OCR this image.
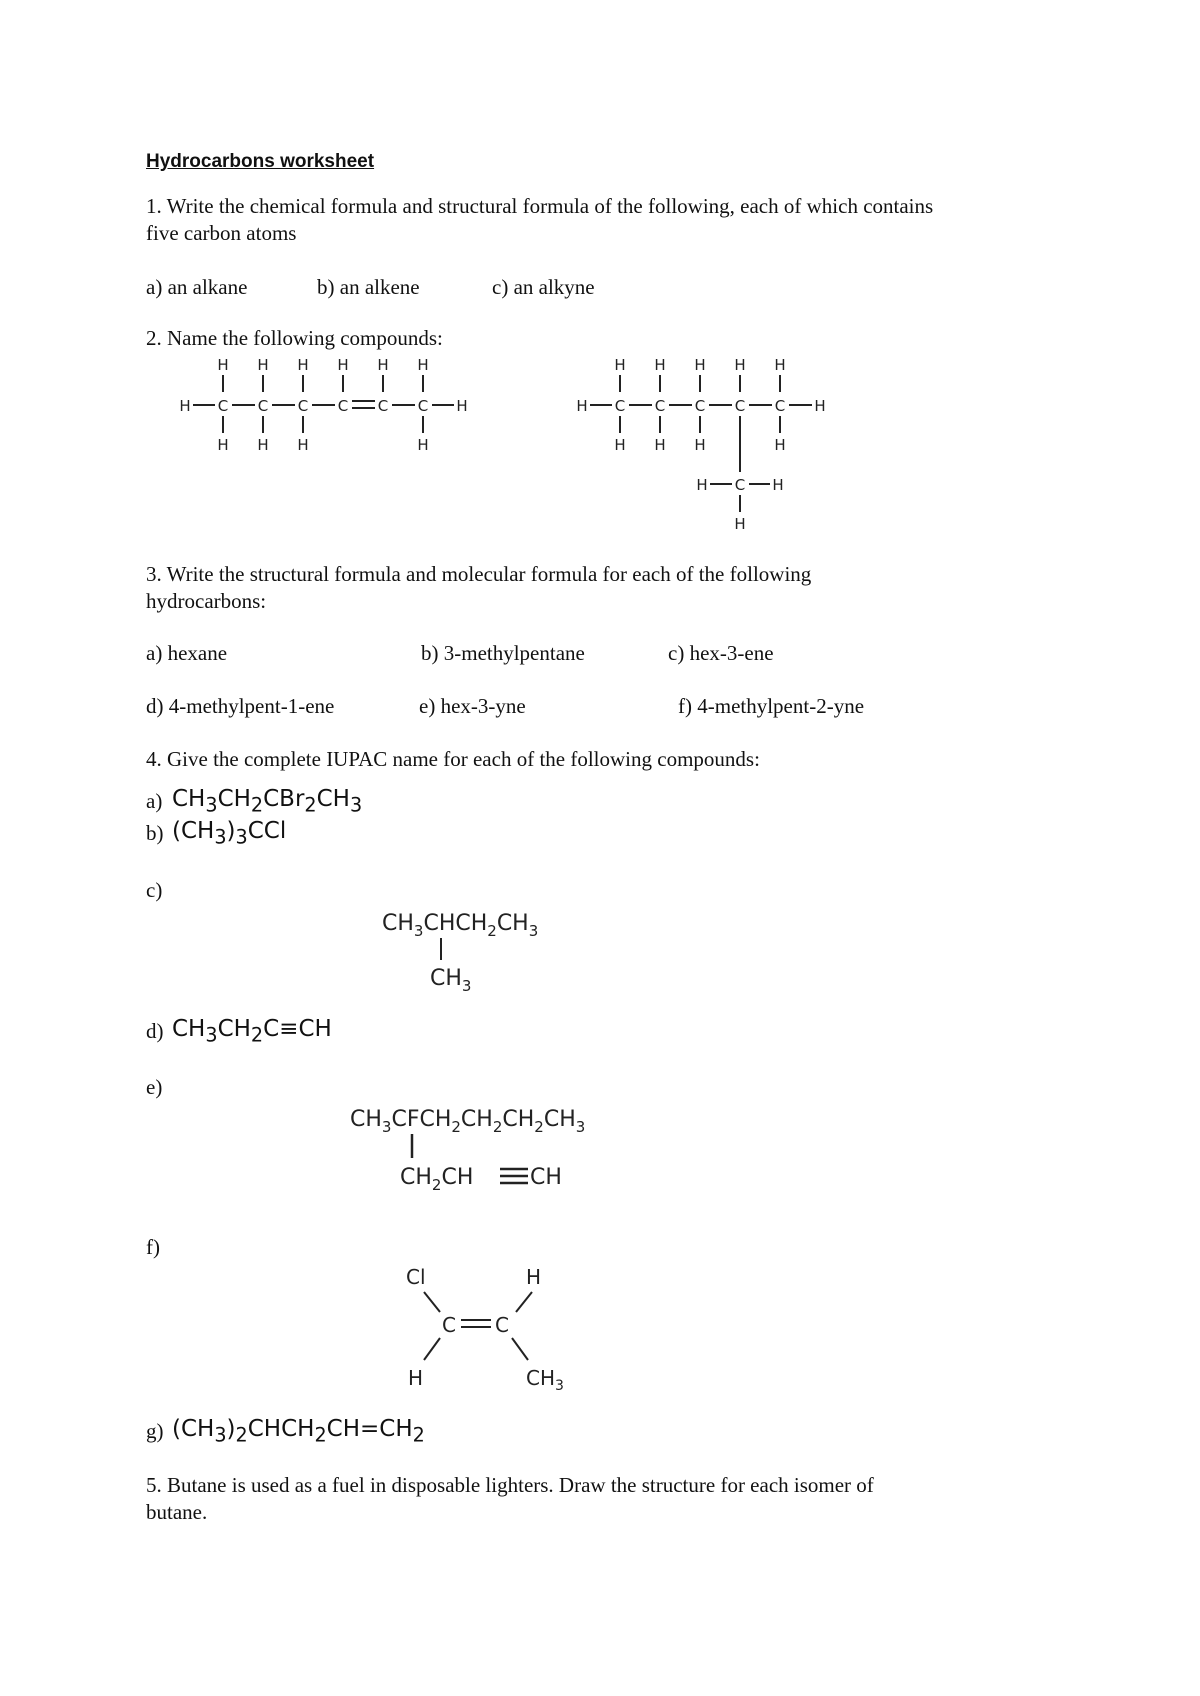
Hydrocarbons worksheet
1. Write the chemical formula and structural formula of the following, each of which contains
five carbon atoms
a) an alkane	b) an alkene	c) an alkyne
2. Name the following compounds:
H H H H H H
H C C C C C C H
H H H	H
H H H H H
H C C C C C H
H H H	H
H C H
H
3. Write the structural formula and molecular formula for each of the following
hydrocarbons:
a) hexane	b) 3-methylpentane	c) hex-3-ene
d) 4-methylpent-1-ene	e) hex-3-yne	f) 4-methylpent-2-yne
4. Give the complete IUPAC name for each of the following compounds:
a) $CH_3CH_2CBr_2CH_3$
b) $(CH_3)_3CCl$
c)
$CH_3CHCH_2CH_3$
$CH_3$
d) $CH_3CH_2C\equiv CH$
e)
$CH_3CFCH_2CH_2CH_2CH_3$
$CH_2CH$	CH
f)
Cl	H
C C
H	$CH_3$
g) $(CH_3)_2CHCH_2CH=CH_2$
5. Butane is used as a fuel in disposable lighters. Draw the structure for each isomer of
butane.
